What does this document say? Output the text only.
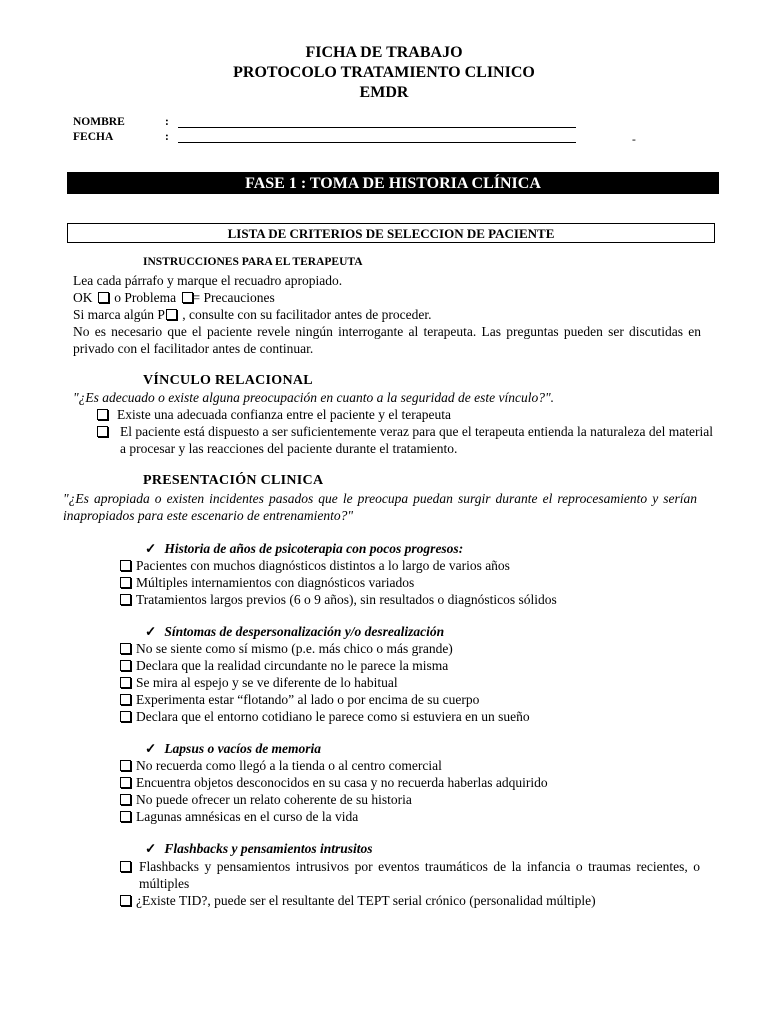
FICHA DE TRABAJO
PROTOCOLO TRATAMIENTO CLINICO
EMDR
NOMBRE	:
FECHA	:	-
FASE 1 : TOMA DE HISTORIA CLÍNICA
LISTA DE CRITERIOS DE SELECCION DE PACIENTE
INSTRUCCIONES PARA EL TERAPEUTA
Lea cada párrafo y marque el recuadro apropiado.
OK o Problema = Precauciones
Si marca algún P , consulte con su facilitador antes de proceder.
No es necesario que el paciente revele ningún interrogante al terapeuta. Las preguntas pueden ser discutidas en privado con el facilitador antes de continuar.
VÍNCULO RELACIONAL
"¿Es adecuado o existe alguna preocupación en cuanto a la seguridad de este vínculo?".
Existe una adecuada confianza entre el paciente y el terapeuta
El paciente está dispuesto a ser suficientemente veraz para que el terapeuta entienda la naturaleza del material a procesar y las reacciones del paciente durante el tratamiento.
PRESENTACIÓN CLINICA
"¿Es apropiada o existen incidentes pasados que le preocupa puedan surgir durante el reprocesamiento y serían inapropiados para este escenario de entrenamiento?"
✓ Historia de años de psicoterapia con pocos progresos:
Pacientes con muchos diagnósticos distintos a lo largo de varios años
Múltiples internamientos con diagnósticos variados
Tratamientos largos previos (6 o 9 años), sin resultados o diagnósticos sólidos
✓ Síntomas de despersonalización y/o desrealización
No se siente como sí mismo (p.e. más chico o más grande)
Declara que la realidad circundante no le parece la misma
Se mira al espejo y se ve diferente de lo habitual
Experimenta estar “flotando” al lado o por encima de su cuerpo
Declara que el entorno cotidiano le parece como si estuviera en un sueño
✓ Lapsus o vacíos de memoria
No recuerda como llegó a la tienda o al centro comercial
Encuentra objetos desconocidos en su casa y no recuerda haberlas adquirido
No puede ofrecer un relato coherente de su historia
Lagunas amnésicas en el curso de la vida
✓ Flashbacks y pensamientos intrusitos
Flashbacks y pensamientos intrusivos por eventos traumáticos de la infancia o traumas recientes, o múltiples
¿Existe TID?, puede ser el resultante del TEPT serial crónico (personalidad múltiple)
